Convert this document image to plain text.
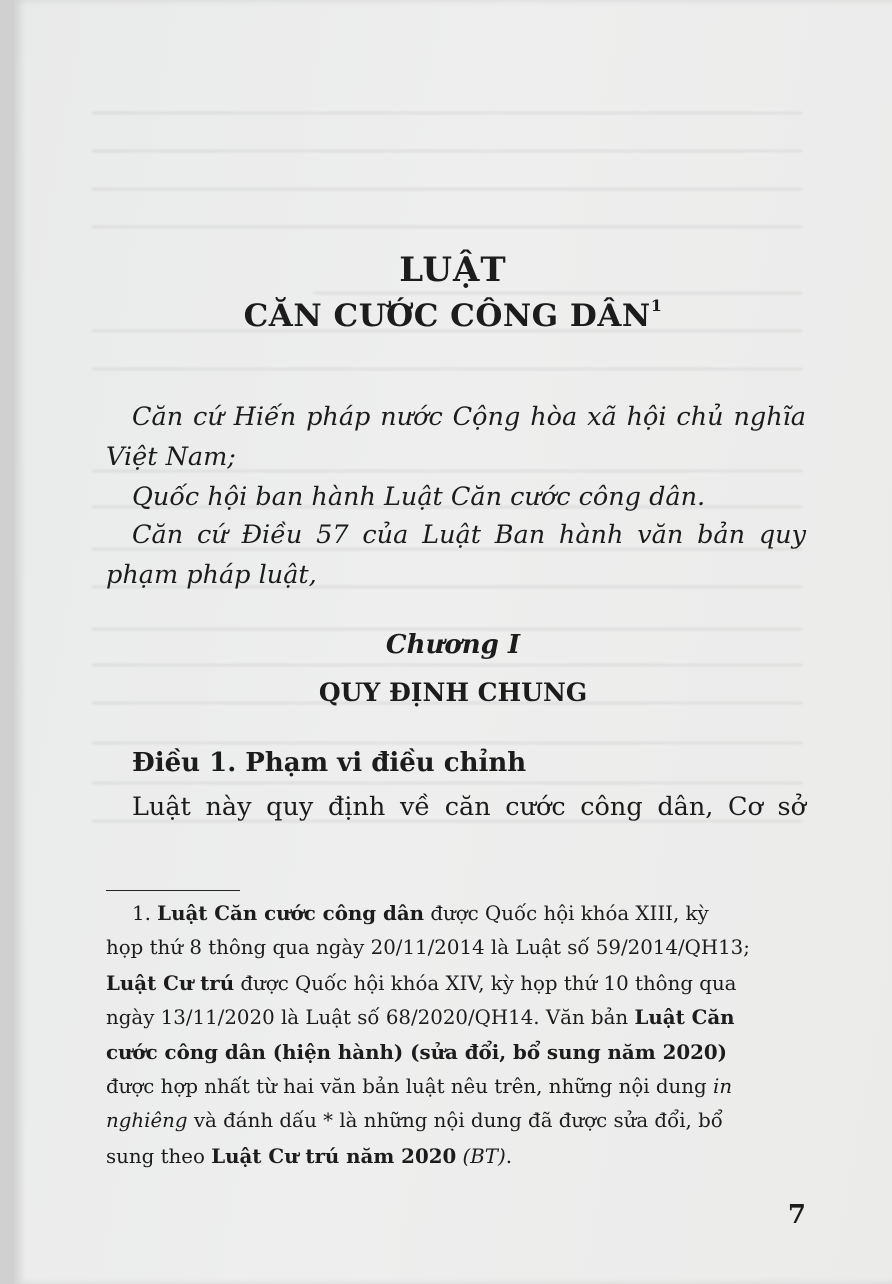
LUẬT
CĂN CƯỚC CÔNG DÂN$^1$

Căn cứ Hiến pháp nước Cộng hòa xã hội chủ nghĩa

Việt Nam;

Quốc hội ban hành Luật Căn cước công dân.

Căn cứ Điều 57 của Luật Ban hành văn bản quy

phạm pháp luật,

Chương I
QUY ĐỊNH CHUNG
Điều 1. Phạm vi điều chỉnh

Luật này quy định về căn cước công dân, Cơ sở

1. Luật Căn cước công dân được Quốc hội khóa XIII, kỳ

họp thứ 8 thông qua ngày 20/11/2014 là Luật số 59/2014/QH13;

Luật Cư trú được Quốc hội khóa XIV, kỳ họp thứ 10 thông qua

ngày 13/11/2020 là Luật số 68/2020/QH14. Văn bản Luật Căn

cước công dân (hiện hành) (sửa đổi, bổ sung năm 2020)

được hợp nhất từ hai văn bản luật nêu trên, những nội dung in

nghiêng và đánh dấu * là những nội dung đã được sửa đổi, bổ

sung theo Luật Cư trú năm 2020 (BT).

7
